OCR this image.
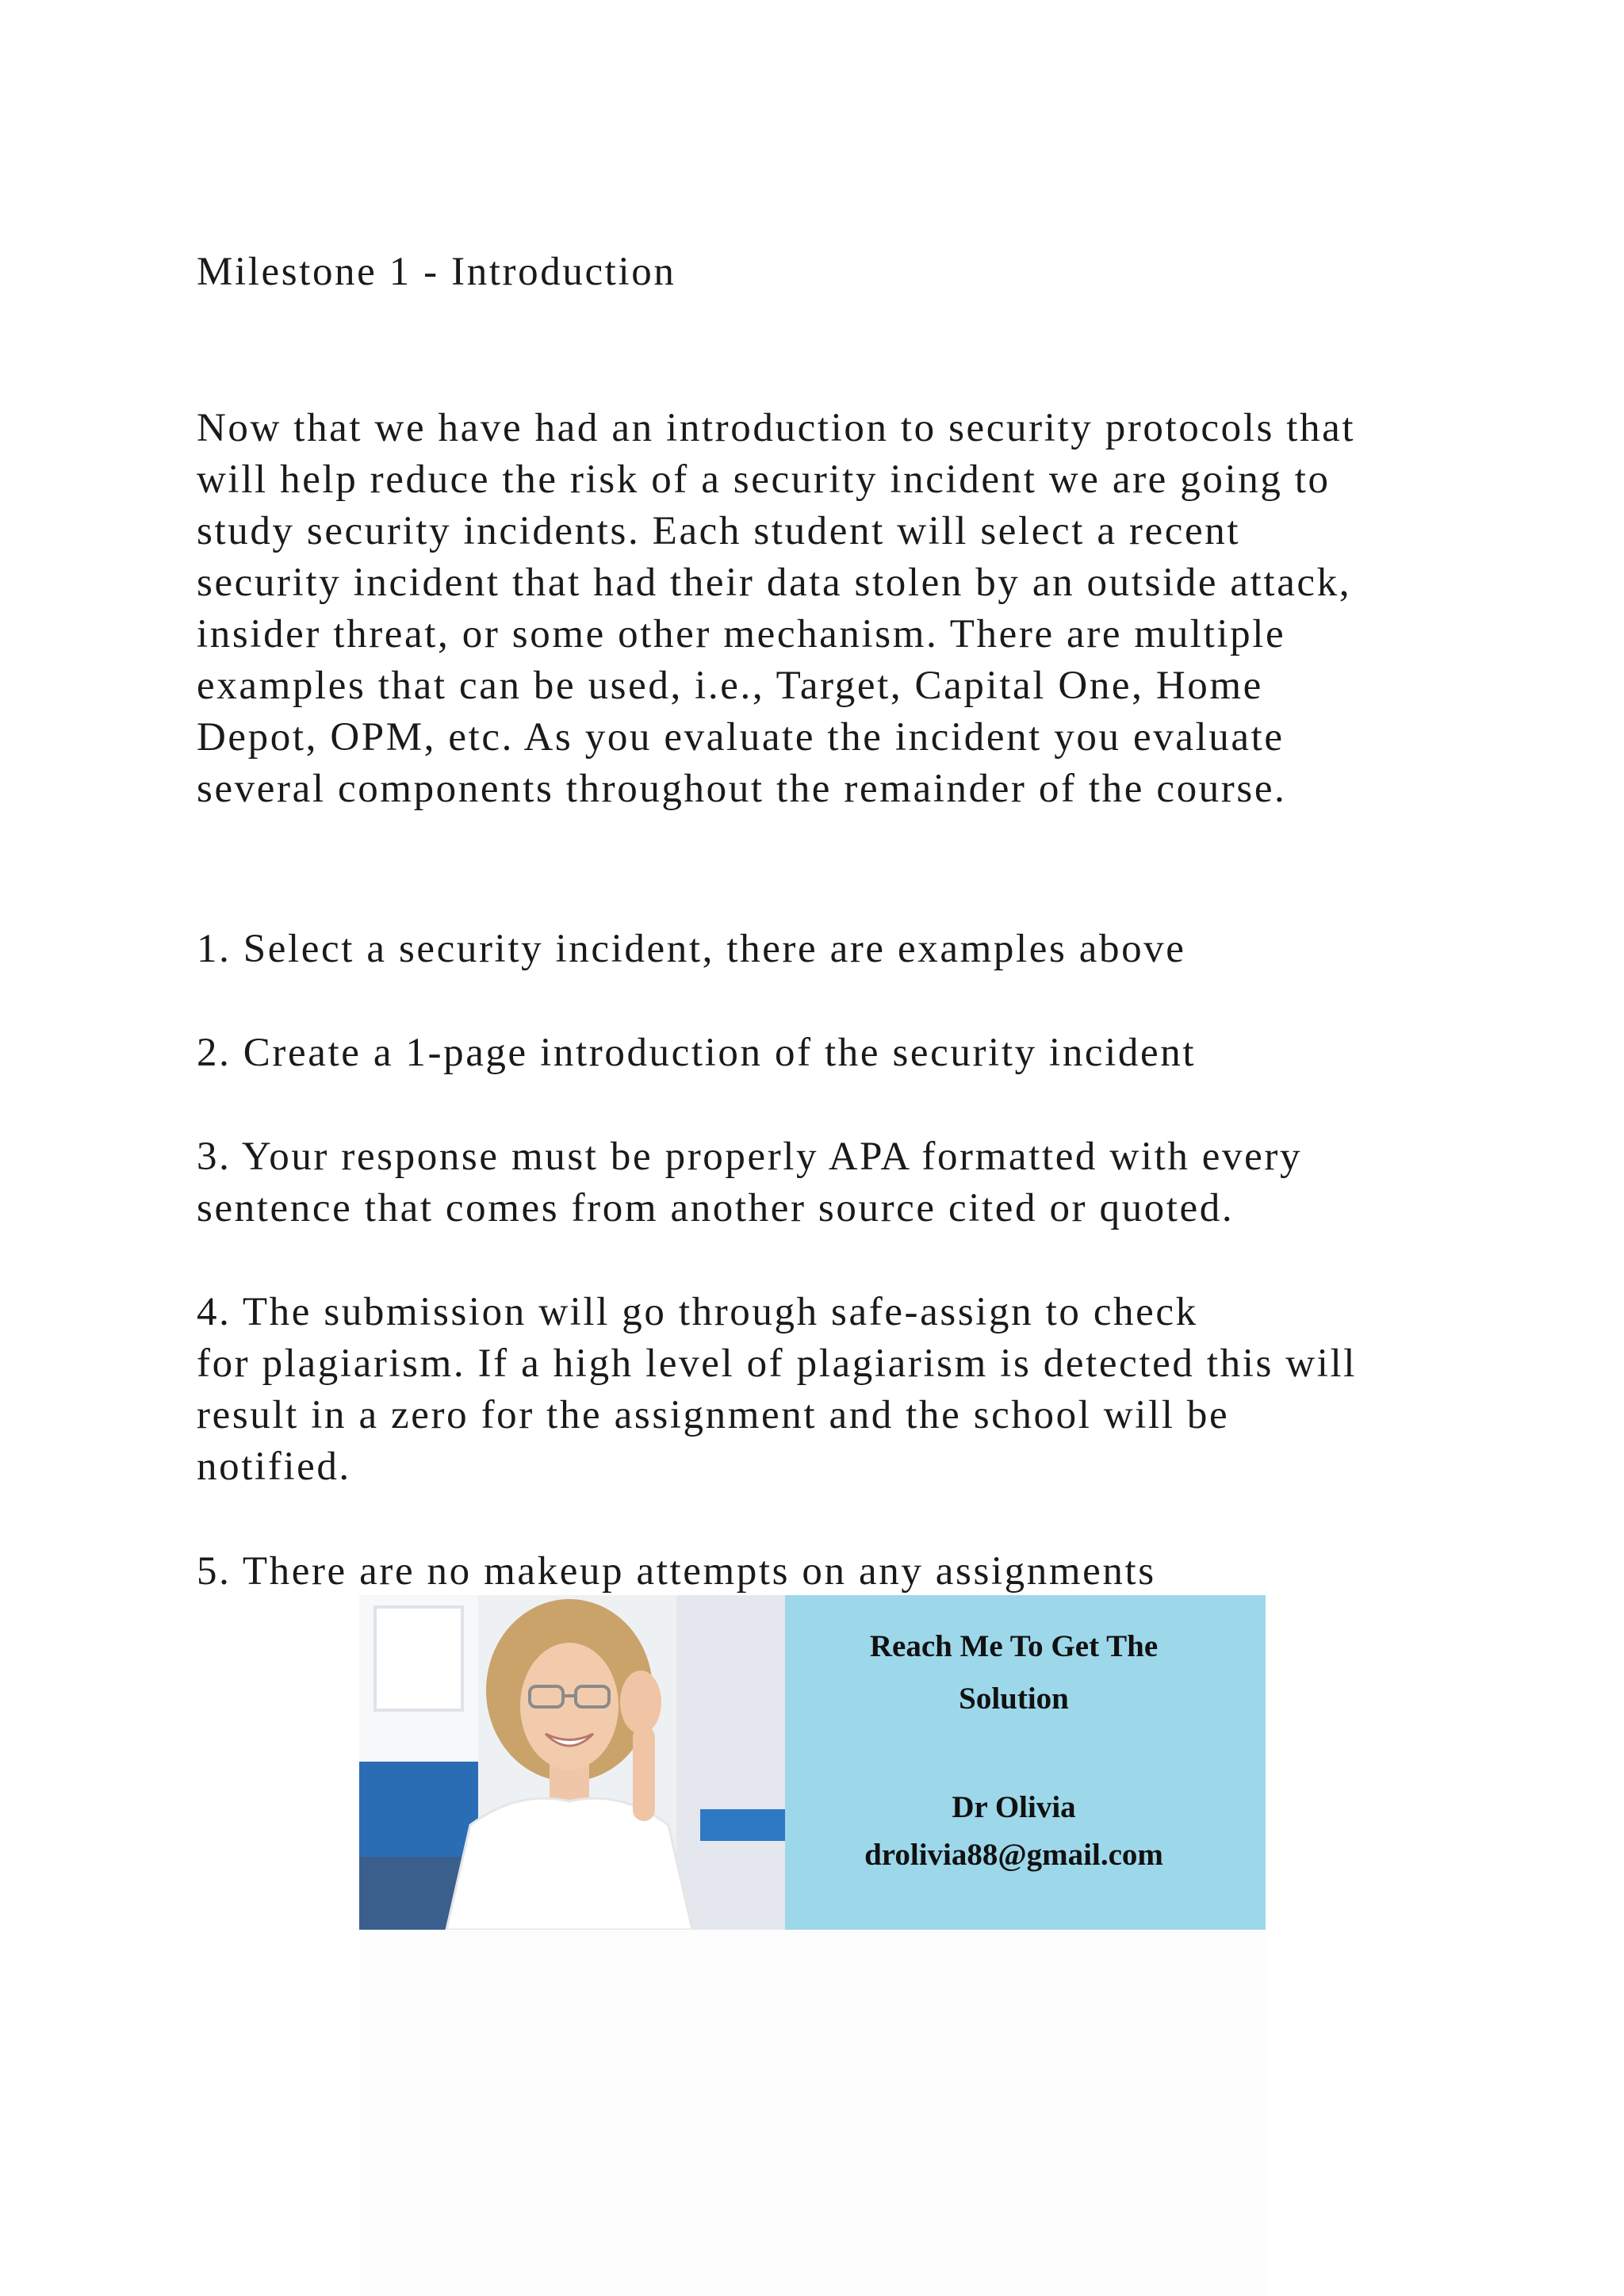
Milestone 1 - Introduction
Now that we have had an introduction to security protocols that
will help reduce the risk of a security incident we are going to
study security incidents. Each student will select a recent
security incident that had their data stolen by an outside attack,
insider threat, or some other mechanism. There are multiple
examples that can be used, i.e., Target, Capital One, Home
Depot, OPM, etc. As you evaluate the incident you evaluate
several components throughout the remainder of the course.
1. Select a security incident, there are examples above
2. Create a 1-page introduction of the security incident
3. Your response must be properly APA formatted with every
sentence that comes from another source cited or quoted.
4. The submission will go through safe-assign to check
for plagiarism. If a high level of plagiarism is detected this will
result in a zero for the assignment and the school will be
notified.
5. There are no makeup attempts on any assignments
Reach Me To Get The
Solution
Dr Olivia
drolivia88@gmail.com
